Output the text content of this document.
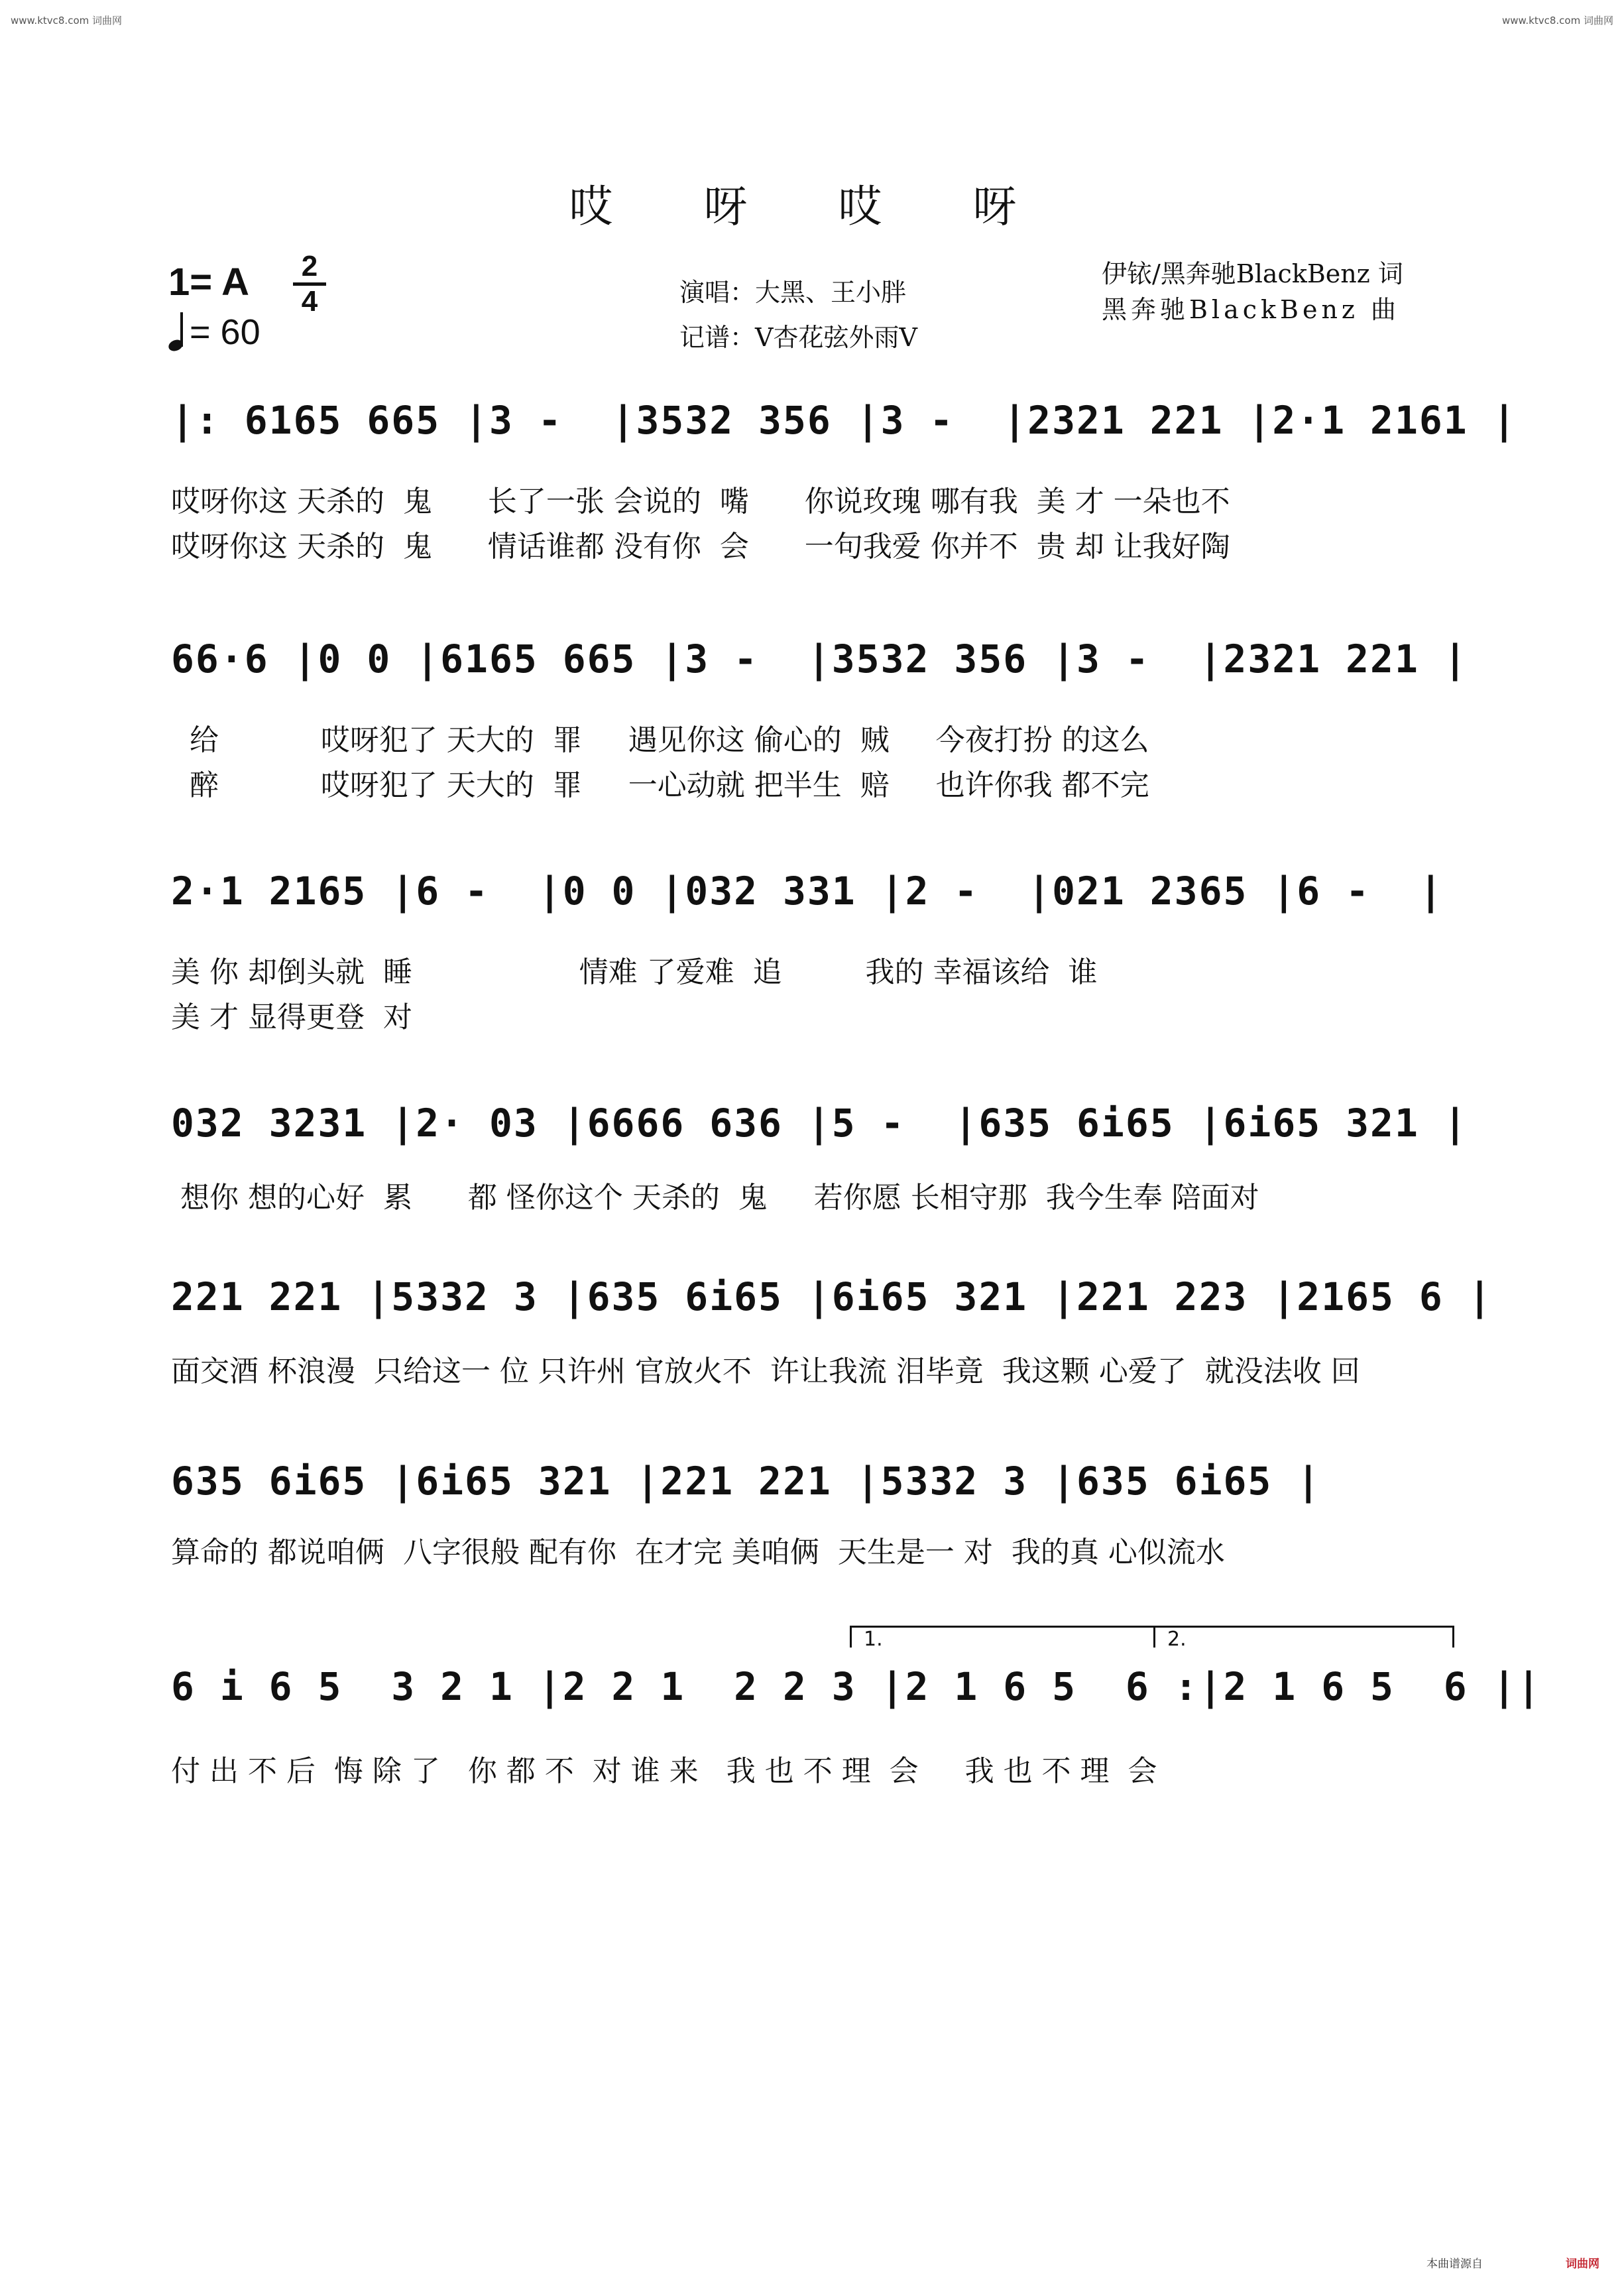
www.ktvc8.com 词曲网	www.ktvc8.com 词曲网
哎 呀 哎 呀
1= A 2
4
= 60
演唱：大黑、王小胖
记谱：V杏花弦外雨V
伊铱/黑奔驰BlackBenz 词
黑奔驰BlackBenz 曲
|: 6165 665 |3 -  |3532 356 |3 -  |2321 221 |2·1 2161 |
哎呀你这 天杀的  鬼      长了一张 会说的  嘴      你说玫瑰 哪有我  美 才 一朵也不
哎呀你这 天杀的  鬼      情话谁都 没有你  会      一句我爱 你并不  贵 却 让我好陶
66·6 |0 0 |6165 665 |3 -  |3532 356 |3 -  |2321 221 |
给           哎呀犯了 天大的  罪     遇见你这 偷心的  贼     今夜打扮 的这么
醉           哎呀犯了 天大的  罪     一心动就 把半生  赔     也许你我 都不完
2·1 2165 |6 -  |0 0 |032 331 |2 -  |021 2365 |6 -  |
美 你 却倒头就  睡                  情难 了爱难  追         我的 幸福该给  谁
美 才 显得更登  对
032 3231 |2· 03 |6666 636 |5 -  |635 6i65 |6i65 321 |
想你 想的心好  累      都 怪你这个 天杀的  鬼     若你愿 长相守那  我今生奉 陪面对
221 221 |5332 3 |635 6i65 |6i65 321 |221 223 |2165 6 |
面交酒 杯浪漫  只给这一 位 只许州 官放火不  许让我流 泪毕竟  我这颗 心爱了  就没法收 回
635 6i65 |6i65 321 |221 221 |5332 3 |635 6i65 |
算命的 都说咱俩  八字很般 配有你  在才完 美咱俩  天生是一 对  我的真 心似流水
1.	2.
6 i 6 5  3 2 1 |2 2 1  2 2 3 |2 1 6 5  6 :|2 1 6 5  6 ||
付 出 不 后  悔 除 了   你 都 不  对 谁 来   我 也 不 理  会     我 也 不 理  会
本曲谱源自	词曲网
